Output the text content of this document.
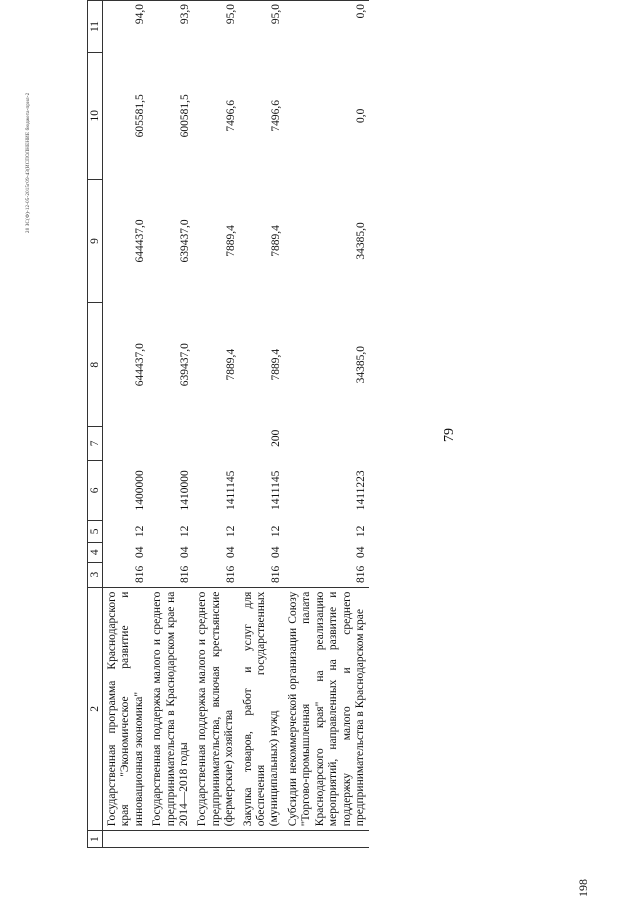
20 ЗС(Ф)-12-05-2015г09-43(ИСПОЛНЕНИЕ бюджета-прил-2
79
198
1	2	3	4	5	6	7	8	9	10	11
	Государственная программа Краснодарского края "Экономическое развитие и инновационная экономика"	816	04	12	1400000		644437,0	644437,0	605581,5	94,0
	Государственная поддержка малого и среднего предпринимательства в Краснодарском крае на 2014—2018 годы	816	04	12	1410000		639437,0	639437,0	600581,5	93,9
	Государственная поддержка малого и среднего предпринимательства, включая крестьянские (фермерские) хозяйства	816	04	12	1411145		7889,4	7889,4	7496,6	95,0
	Закупка товаров, работ и услуг для обеспечения государственных (муниципальных) нужд	816	04	12	1411145	200	7889,4	7889,4	7496,6	95,0
	Субсидии некоммерческой организации Союзу "Торгово-промышленная палата Краснодарского края" на реализацию мероприятий, направленных на развитие и поддержку малого и среднего предпринимательства в Краснодарском крае	816	04	12	1411223		34385,0	34385,0	0,0	0,0
